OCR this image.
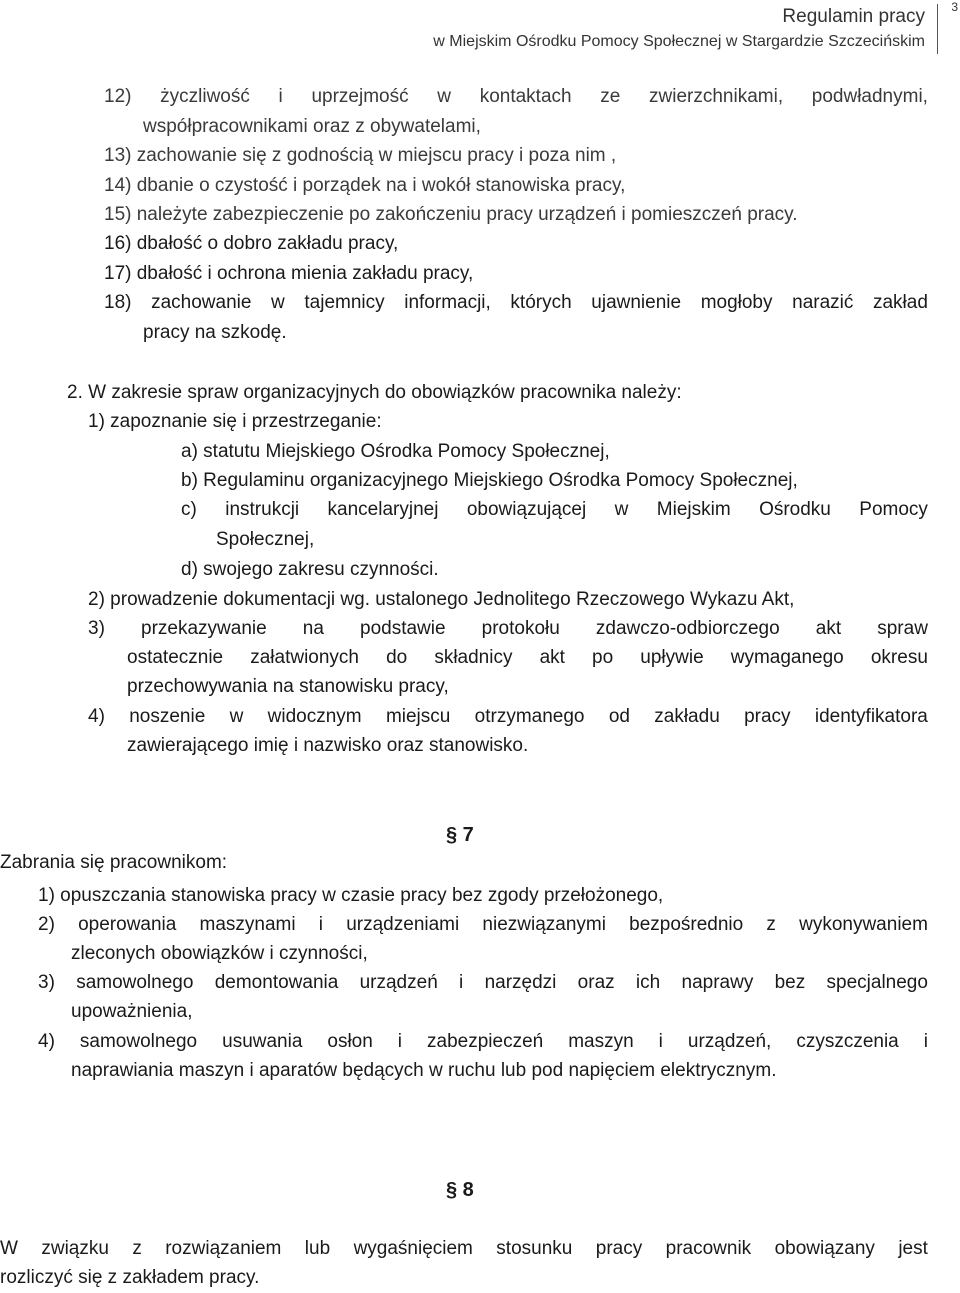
Regulamin pracy
w Miejskim Ośrodku Pomocy Społecznej w Stargardzie Szczecińskim
3
12) życzliwość i uprzejmość w kontaktach ze zwierzchnikami, podwładnymi,
współpracownikami oraz z obywatelami,
13) zachowanie się z godnością w miejscu pracy i poza nim ,
14) dbanie o czystość i porządek na i wokół stanowiska pracy,
15) należyte zabezpieczenie po zakończeniu pracy urządzeń i pomieszczeń pracy.
16) dbałość o dobro zakładu pracy,
17) dbałość i ochrona mienia zakładu pracy,
18) zachowanie w tajemnicy informacji, których ujawnienie mogłoby narazić zakład
pracy na szkodę.
2. W zakresie spraw organizacyjnych do obowiązków pracownika należy:
1) zapoznanie się i przestrzeganie:
a) statutu Miejskiego Ośrodka Pomocy Społecznej,
b) Regulaminu organizacyjnego Miejskiego Ośrodka Pomocy Społecznej,
c) instrukcji kancelaryjnej obowiązującej w Miejskim Ośrodku Pomocy
Społecznej,
d) swojego zakresu czynności.
2) prowadzenie dokumentacji wg. ustalonego Jednolitego Rzeczowego Wykazu Akt,
3) przekazywanie na podstawie protokołu zdawczo-odbiorczego akt spraw
ostatecznie załatwionych do składnicy akt po upływie wymaganego okresu
przechowywania na stanowisku pracy,
4) noszenie w widocznym miejscu otrzymanego od zakładu pracy identyfikatora
zawierającego imię i nazwisko oraz stanowisko.
§ 7
Zabrania się pracownikom:
1) opuszczania stanowiska pracy w czasie pracy bez zgody przełożonego,
2) operowania maszynami i urządzeniami niezwiązanymi bezpośrednio z wykonywaniem
zleconych obowiązków i czynności,
3) samowolnego demontowania urządzeń i narzędzi oraz ich naprawy bez specjalnego
upoważnienia,
4) samowolnego usuwania osłon i zabezpieczeń maszyn i urządzeń, czyszczenia i
naprawiania maszyn i aparatów będących w ruchu lub pod napięciem elektrycznym.
§ 8
W związku z rozwiązaniem lub wygaśnięciem stosunku pracy pracownik obowiązany jest
rozliczyć się z zakładem pracy.
